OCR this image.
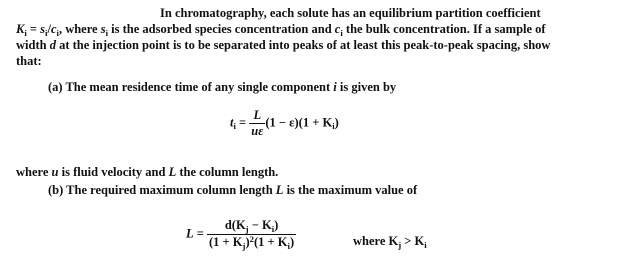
In chromatography, each solute has an equilibrium partition coefficient
$K_i = s_i/c_i$, where $s_i$ is the adsorbed species concentration and $c_i$ the bulk concentration. If a sample of
width d at the injection point is to be separated into peaks of at least this peak-to-peak spacing, show
that:
(a) The mean residence time of any single component i is given by
$t_i = \frac{L}{u\varepsilon} (1 - \varepsilon)(1 + K_i)$
where u is fluid velocity and L the column length.
(b) The required maximum column length L is the maximum value of
$L = \frac{d(K_j - K_i)}{(1 + K_j)^2(1 + K_i)}$	where $K_j > K_i$
